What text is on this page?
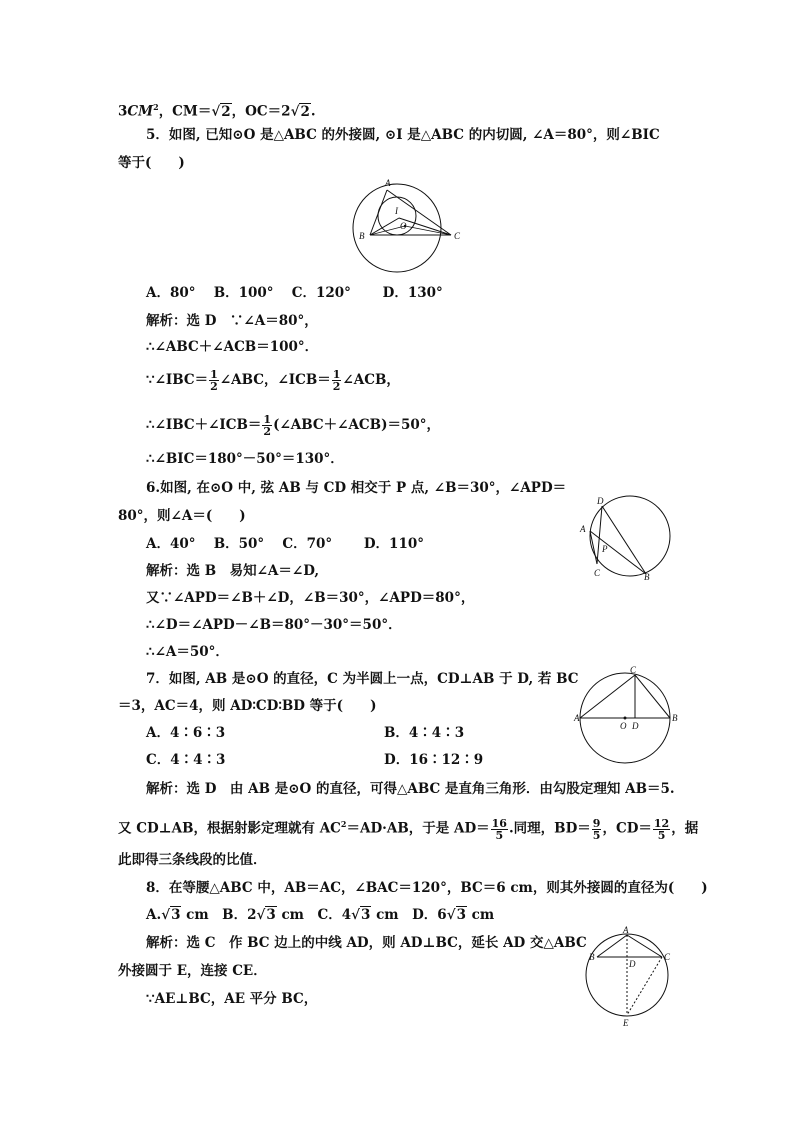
$3CM^2$，CM＝√2，OC＝2√2.
5．如图, 已知⊙O 是△ABC 的外接圆, ⊙I 是△ABC 的内切圆, ∠A＝80°，则∠BIC
等于(　　)
A
B	C
I
O
A．80°　 B．100°　 C．120°　　 D．130°
解析：选 D　∵∠A＝80°，
∴∠ABC＋∠ACB＝100°．
∵∠IBC＝ $\frac{1}{2}$ ∠ABC，∠ICB＝ $\frac{1}{2}$ ∠ACB，
∴∠IBC＋∠ICB＝ $\frac{1}{2}$ (∠ABC＋∠ACB)＝50°，
∴∠BIC＝180°－50°＝130°．
6.如图, 在⊙O 中, 弦 AB 与 CD 相交于 P 点, ∠B＝30°，∠APD＝
80°，则∠A＝(　　)
D
A
P
C	B
A．40°　 B．50°　 C．70°　　 D．110°
解析：选 B　易知∠A＝∠D,
又∵∠APD＝∠B＋∠D，∠B＝30°，∠APD＝80°，
∴∠D＝∠APD－∠B＝80°－30°＝50°．
∴∠A＝50°．
7．如图, AB 是⊙O 的直径，C 为半圆上一点，CD⊥AB 于 D, 若 BC
＝3，AC＝4，则 AD∶CD∶BD 等于(　　)
C
A	B
O D
A．4∶6∶3	B．4∶4∶3
C．4∶4∶3	D．16∶12∶9
解析：选 D　由 AB 是⊙O 的直径，可得△ABC 是直角三角形．由勾股定理知 AB＝5.
又 CD⊥AB，根据射影定理就有 $AC^2=AD\cdot AB$，于是 $AD= \frac{16}{5}$ .同理，$BD= \frac{9}{5}$ ，$CD= \frac{12}{5}$ ，据
此即得三条线段的比值．
8．在等腰△ABC 中，AB＝AC，∠BAC＝120°，BC＝6 cm，则其外接圆的直径为(　　)
A.√3 cm　B．2√3 cm　C．4√3 cm　D．6√3 cm
解析：选 C　作 BC 边上的中线 AD，则 AD⊥BC，延长 AD 交△ABC
外接圆于 E，连接 CE．
∵AE⊥BC，AE 平分 BC，
A
B	C
D
E
